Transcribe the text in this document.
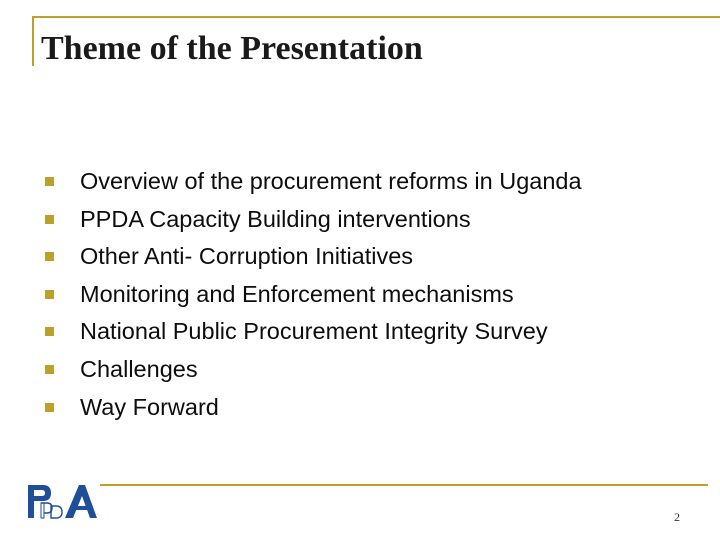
Theme of the Presentation
Overview of the procurement reforms in Uganda
PPDA Capacity Building interventions
Other Anti- Corruption Initiatives
Monitoring and Enforcement mechanisms
National Public Procurement Integrity Survey
Challenges
Way Forward
2
